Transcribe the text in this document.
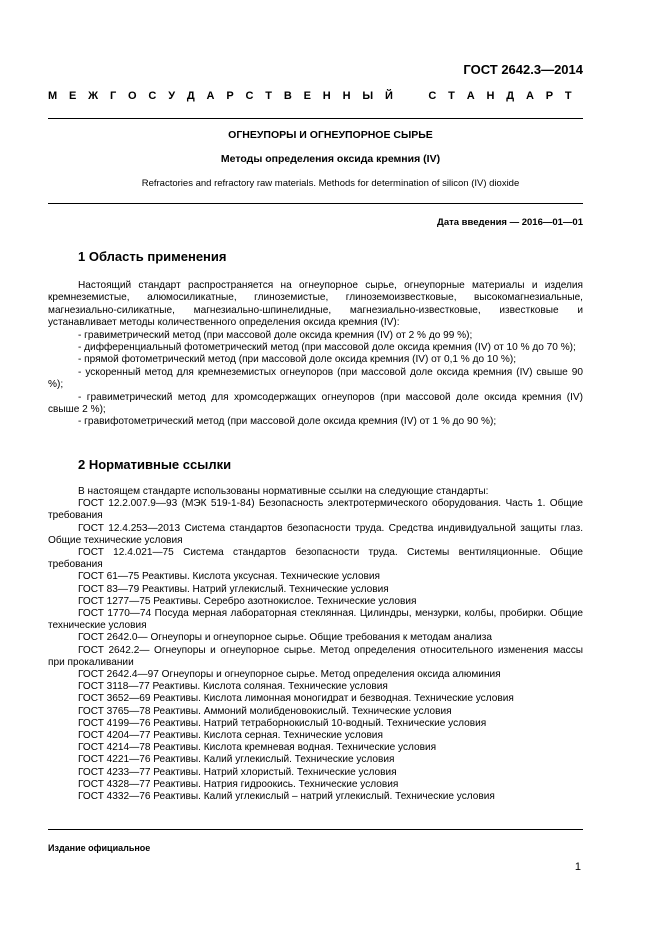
ГОСТ 2642.3—2014
М Е Ж Г О С У Д А Р С Т В Е Н Н Ы Й	С Т А Н Д А Р Т
ОГНЕУПОРЫ И ОГНЕУПОРНОЕ СЫРЬЕ
Методы определения оксида кремния (IV)
Refractories and refractory raw materials. Methods for determination of silicon (IV) dioxide
Дата введения — 2016—01—01
1 Область применения

Настоящий стандарт распространяется на огнеупорное сырье, огнеупорные материалы и изделия кремнеземистые, алюмосиликатные, глиноземистые, глиноземоизвестковые, высокомагнезиальные, магнезиально-силикатные, магнезиально-шпинелидные, магнезиально-известковые, известковые и устанавливает методы количественного определения оксида кремния (IV):

- гравиметрический метод (при массовой доле оксида кремния (IV) от 2 % до 99 %);

- дифференциальный фотометрический метод (при массовой доле оксида кремния (IV) от 10 % до 70 %);

- прямой фотометрический метод (при массовой доле оксида кремния (IV) от 0,1 % до 10 %);

- ускоренный метод для кремнеземистых огнеупоров (при массовой доле оксида кремния (IV) свыше 90 %);

- гравиметрический метод для хромсодержащих огнеупоров (при массовой доле оксида кремния (IV) свыше 2 %);

- гравифотометрический метод (при массовой доле оксида кремния (IV) от 1 % до 90 %);

2 Нормативные ссылки

В настоящем стандарте использованы нормативные ссылки на следующие стандарты:

ГОСТ 12.2.007.9—93 (МЭК 519-1-84) Безопасность электротермического оборудования. Часть 1. Общие требования

ГОСТ 12.4.253—2013 Система стандартов безопасности труда. Средства индивидуальной защиты глаз. Общие технические условия

ГОСТ 12.4.021—75 Система стандартов безопасности труда. Системы вентиляционные. Общие требования

ГОСТ 61—75 Реактивы. Кислота уксусная. Технические условия

ГОСТ 83—79 Реактивы. Натрий углекислый. Технические условия

ГОСТ 1277—75 Реактивы. Серебро азотнокислое. Технические условия

ГОСТ 1770—74 Посуда мерная лабораторная стеклянная. Цилиндры, мензурки, колбы, пробирки. Общие технические условия

ГОСТ 2642.0— Огнеупоры и огнеупорное сырье. Общие требования к методам анализа

ГОСТ 2642.2— Огнеупоры и огнеупорное сырье. Метод определения относительного изменения массы при прокаливании

ГОСТ 2642.4—97 Огнеупоры и огнеупорное сырье. Метод определения оксида алюминия

ГОСТ 3118—77 Реактивы. Кислота соляная. Технические условия

ГОСТ 3652—69 Реактивы. Кислота лимонная моногидрат и безводная. Технические условия

ГОСТ 3765—78 Реактивы. Аммоний молибденовокислый. Технические условия

ГОСТ 4199—76 Реактивы. Натрий тетраборнокислый 10-водный. Технические условия

ГОСТ 4204—77 Реактивы. Кислота серная. Технические условия

ГОСТ 4214—78 Реактивы. Кислота кремневая водная. Технические условия

ГОСТ 4221—76 Реактивы. Калий углекислый. Технические условия

ГОСТ 4233—77 Реактивы. Натрий хлористый. Технические условия

ГОСТ 4328—77 Реактивы. Натрия гидроокись. Технические условия

ГОСТ 4332—76 Реактивы. Калий углекислый – натрий углекислый. Технические условия

Издание официальное
1
